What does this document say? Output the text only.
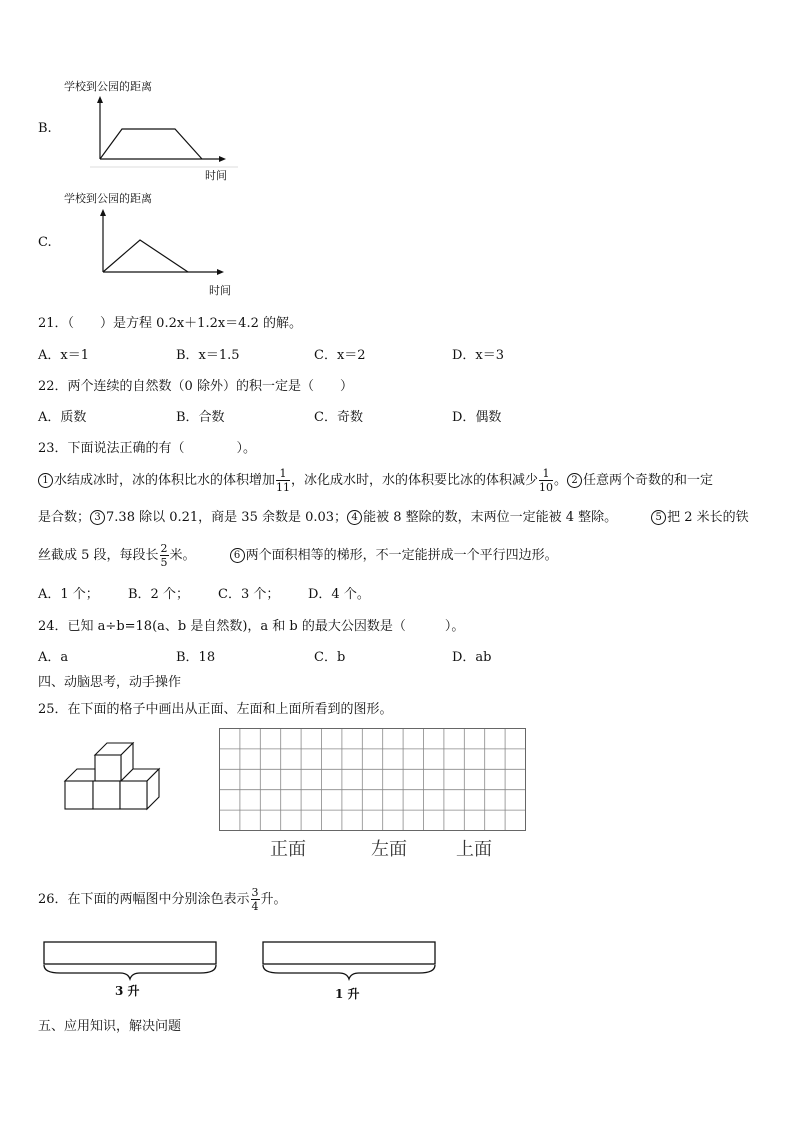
学校到公园的距离
B.
时间
学校到公园的距离
C.
时间
21．（　　）是方程 0.2x＋1.2x＝4.2 的解。
A．x＝1	B．x＝1.5	C．x＝2	D．x＝3
22．两个连续的自然数（0 除外）的积一定是（　　）
A．质数	B．合数	C．奇数	D．偶数
23．下面说法正确的有（　　　　）。
1 水结成冰时，冰的体积比水的体积增加 $\frac{1}{11}$ ，冰化成水时，水的体积要比冰的体积减少 $\frac{1}{10}$ 。 2 任意两个奇数的和一定
是合数； 3 7.38 除以 0.21，商是 35 余数是 0.03； 4 能被 8 整除的数，末两位一定能被 4 整除。	5 把 2 米长的铁
丝截成 5 段，每段长 $\frac{2}{5}$ 米。	6 两个面积相等的梯形，不一定能拼成一个平行四边形。
A．1 个； B．2 个； C．3 个； D．4 个。
24．已知 a÷b=18(a、b 是自然数)，a 和 b 的最大公因数是（　　　）。
A．a	B．18	C．b	D．ab
四、动脑思考，动手操作
25．在下面的格子中画出从正面、左面和上面所看到的图形。
正面	左面	上面
26．在下面的两幅图中分别涂色表示 $\frac{3}{4}$ 升。
3 升	1 升
五、应用知识，解决问题
